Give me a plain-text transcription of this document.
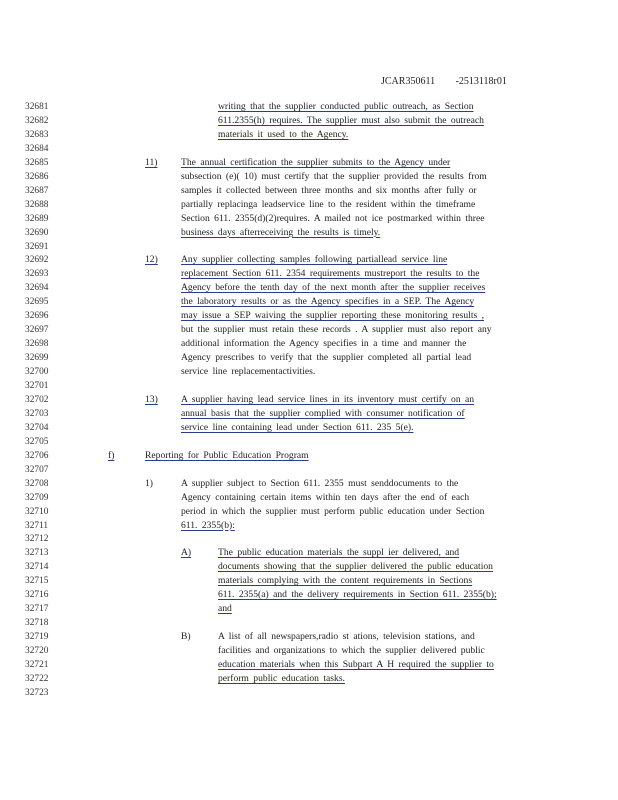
JCAR350611 -2513118r01
32681	writing that the supplier conducted public outreach, as Section
32682	611.2355(h) requires. The supplier must also submit the outreach
32683	materials it used to the Agency.
32684
32685	11) The annual certification the supplier submits to the Agency under
32686	subsection (e)( 10) must certify that the supplier provided the results from
32687	samples it collected between three months and six months after fully or
32688	partially replacinga leadservice line to the resident within the timeframe
32689	Section 611. 2355(d)(2)requires. A mailed not ice postmarked within three
32690	business days afterreceiving the results is timely.
32691
32692	12) Any supplier collecting samples following partiallead service line
32693	replacement Section 611. 2354 requirements mustreport the results to the
32694	Agency before the tenth day of the next month after the supplier receives
32695	the laboratory results or as the Agency specifies in a SEP. The Agency
32696	may issue a SEP waiving the supplier reporting these monitoring results ,
32697	but the supplier must retain these records . A supplier must also report any
32698	additional information the Agency specifies in a time and manner the
32699	Agency prescribes to verify that the supplier completed all partial lead
32700	service line replacementactivities.
32701
32702	13) A supplier having lead service lines in its inventory must certify on an
32703	annual basis that the supplier complied with consumer notification of
32704	service line containing lead under Section 611. 235 5(e).
32705
32706	f)	Reporting for Public Education Program
32707
32708	1)	A supplier subject to Section 611. 2355 must senddocuments to the
32709	Agency containing certain items within ten days after the end of each
32710	period in which the supplier must perform public education under Section
32711	611. 2355(b):
32712
32713	A)	The public education materials the suppl ier delivered, and
32714	documents showing that the supplier delivered the public education
32715	materials complying with the content requirements in Sections
32716	611. 2355(a) and the delivery requirements in Section 611. 2355(b);
32717	and
32718
32719	B)	A list of all newspapers,radio st ations, television stations, and
32720	facilities and organizations to which the supplier delivered public
32721	education materials when this Subpart A H required the supplier to
32722	perform public education tasks.
32723
